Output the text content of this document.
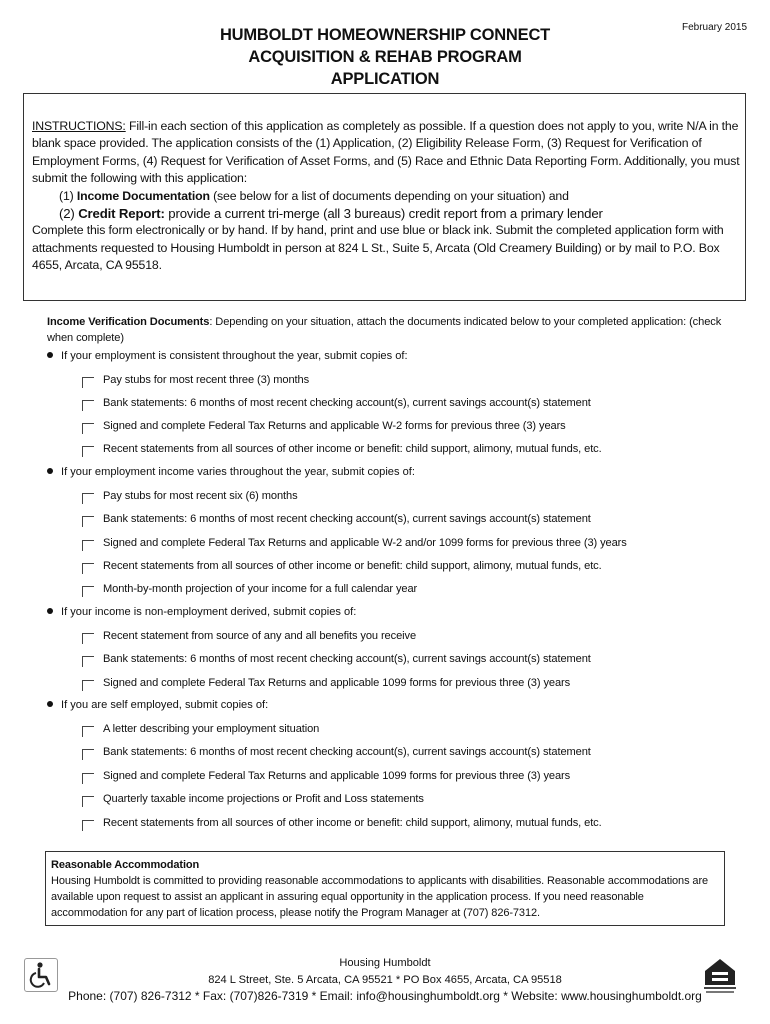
February 2015
HUMBOLDT HOMEOWNERSHIP CONNECT
ACQUISITION & REHAB PROGRAM
APPLICATION

INSTRUCTIONS: Fill-in each section of this application as completely as possible. If a question does not apply to you, write N/A in the blank space provided. The application consists of the (1) Application, (2) Eligibility Release Form, (3) Request for Verification of Employment Forms, (4) Request for Verification of Asset Forms, and (5) Race and Ethnic Data Reporting Form. Additionally, you must submit the following with this application:

(1) Income Documentation (see below for a list of documents depending on your situation) and

(2) Credit Report: provide a current tri-merge (all 3 bureaus) credit report from a primary lender

Complete this form electronically or by hand. If by hand, print and use blue or black ink. Submit the completed application form with attachments requested to Housing Humboldt in person at 824 L St., Suite 5, Arcata (Old Creamery Building) or by mail to P.O. Box 4655, Arcata, CA 95518.

Income Verification Documents: Depending on your situation, attach the documents indicated below to your completed application: (check when complete)
If your employment is consistent throughout the year, submit copies of:
Pay stubs for most recent three (3) months
Bank statements: 6 months of most recent checking account(s), current savings account(s) statement
Signed and complete Federal Tax Returns and applicable W-2 forms for previous three (3) years
Recent statements from all sources of other income or benefit: child support, alimony, mutual funds, etc.
If your employment income varies throughout the year, submit copies of:
Pay stubs for most recent six (6) months
Bank statements: 6 months of most recent checking account(s), current savings account(s) statement
Signed and complete Federal Tax Returns and applicable W-2 and/or 1099 forms for previous three (3) years
Recent statements from all sources of other income or benefit: child support, alimony, mutual funds, etc.
Month-by-month projection of your income for a full calendar year
If your income is non-employment derived, submit copies of:
Recent statement from source of any and all benefits you receive
Bank statements: 6 months of most recent checking account(s), current savings account(s) statement
Signed and complete Federal Tax Returns and applicable 1099 forms for previous three (3) years
If you are self employed, submit copies of:
A letter describing your employment situation
Bank statements: 6 months of most recent checking account(s), current savings account(s) statement
Signed and complete Federal Tax Returns and applicable 1099 forms for previous three (3) years
Quarterly taxable income projections or Profit and Loss statements
Recent statements from all sources of other income or benefit: child support, alimony, mutual funds, etc.
Reasonable Accommodation
Housing Humboldt is committed to providing reasonable accommodations to applicants with disabilities. Reasonable accommodations are available upon request to assist an applicant in assuring equal opportunity in the application process. If you need reasonable accommodation for any part of lication process, please notify the Program Manager at (707) 826-7312.
Housing Humboldt
824 L Street, Ste. 5 Arcata, CA 95521 * PO Box 4655, Arcata, CA 95518
Phone: (707) 826-7312 * Fax: (707)826-7319 * Email: info@housinghumboldt.org * Website: www.housinghumboldt.org
